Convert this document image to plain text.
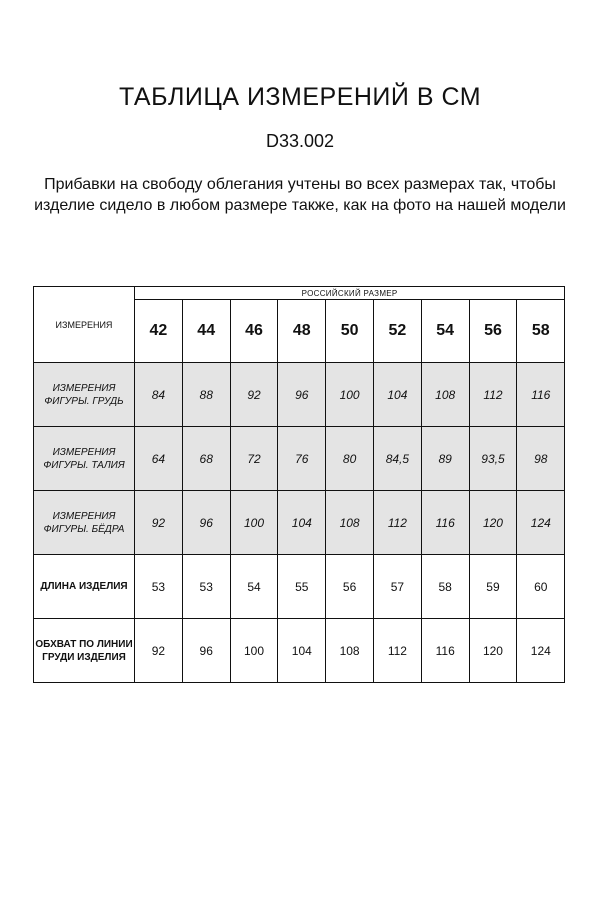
ТАБЛИЦА ИЗМЕРЕНИЙ В СМ
D33.002
Прибавки на свободу облегания учтены во всех размерах так, чтобы изделие сидело в любом размере также, как на фото на нашей модели
ИЗМЕРЕНИЯ	РОССИЙСКИЙ РАЗМЕР								
	42	44	46	48	50	52	54	56	58
ИЗМЕРЕНИЯ ФИГУРЫ. ГРУДЬ	84	88	92	96	100	104	108	112	116
ИЗМЕРЕНИЯ ФИГУРЫ. ТАЛИЯ	64	68	72	76	80	84,5	89	93,5	98
ИЗМЕРЕНИЯ ФИГУРЫ. БЁДРА	92	96	100	104	108	112	116	120	124
ДЛИНА ИЗДЕЛИЯ	53	53	54	55	56	57	58	59	60
ОБХВАТ ПО ЛИНИИ ГРУДИ ИЗДЕЛИЯ	92	96	100	104	108	112	116	120	124
